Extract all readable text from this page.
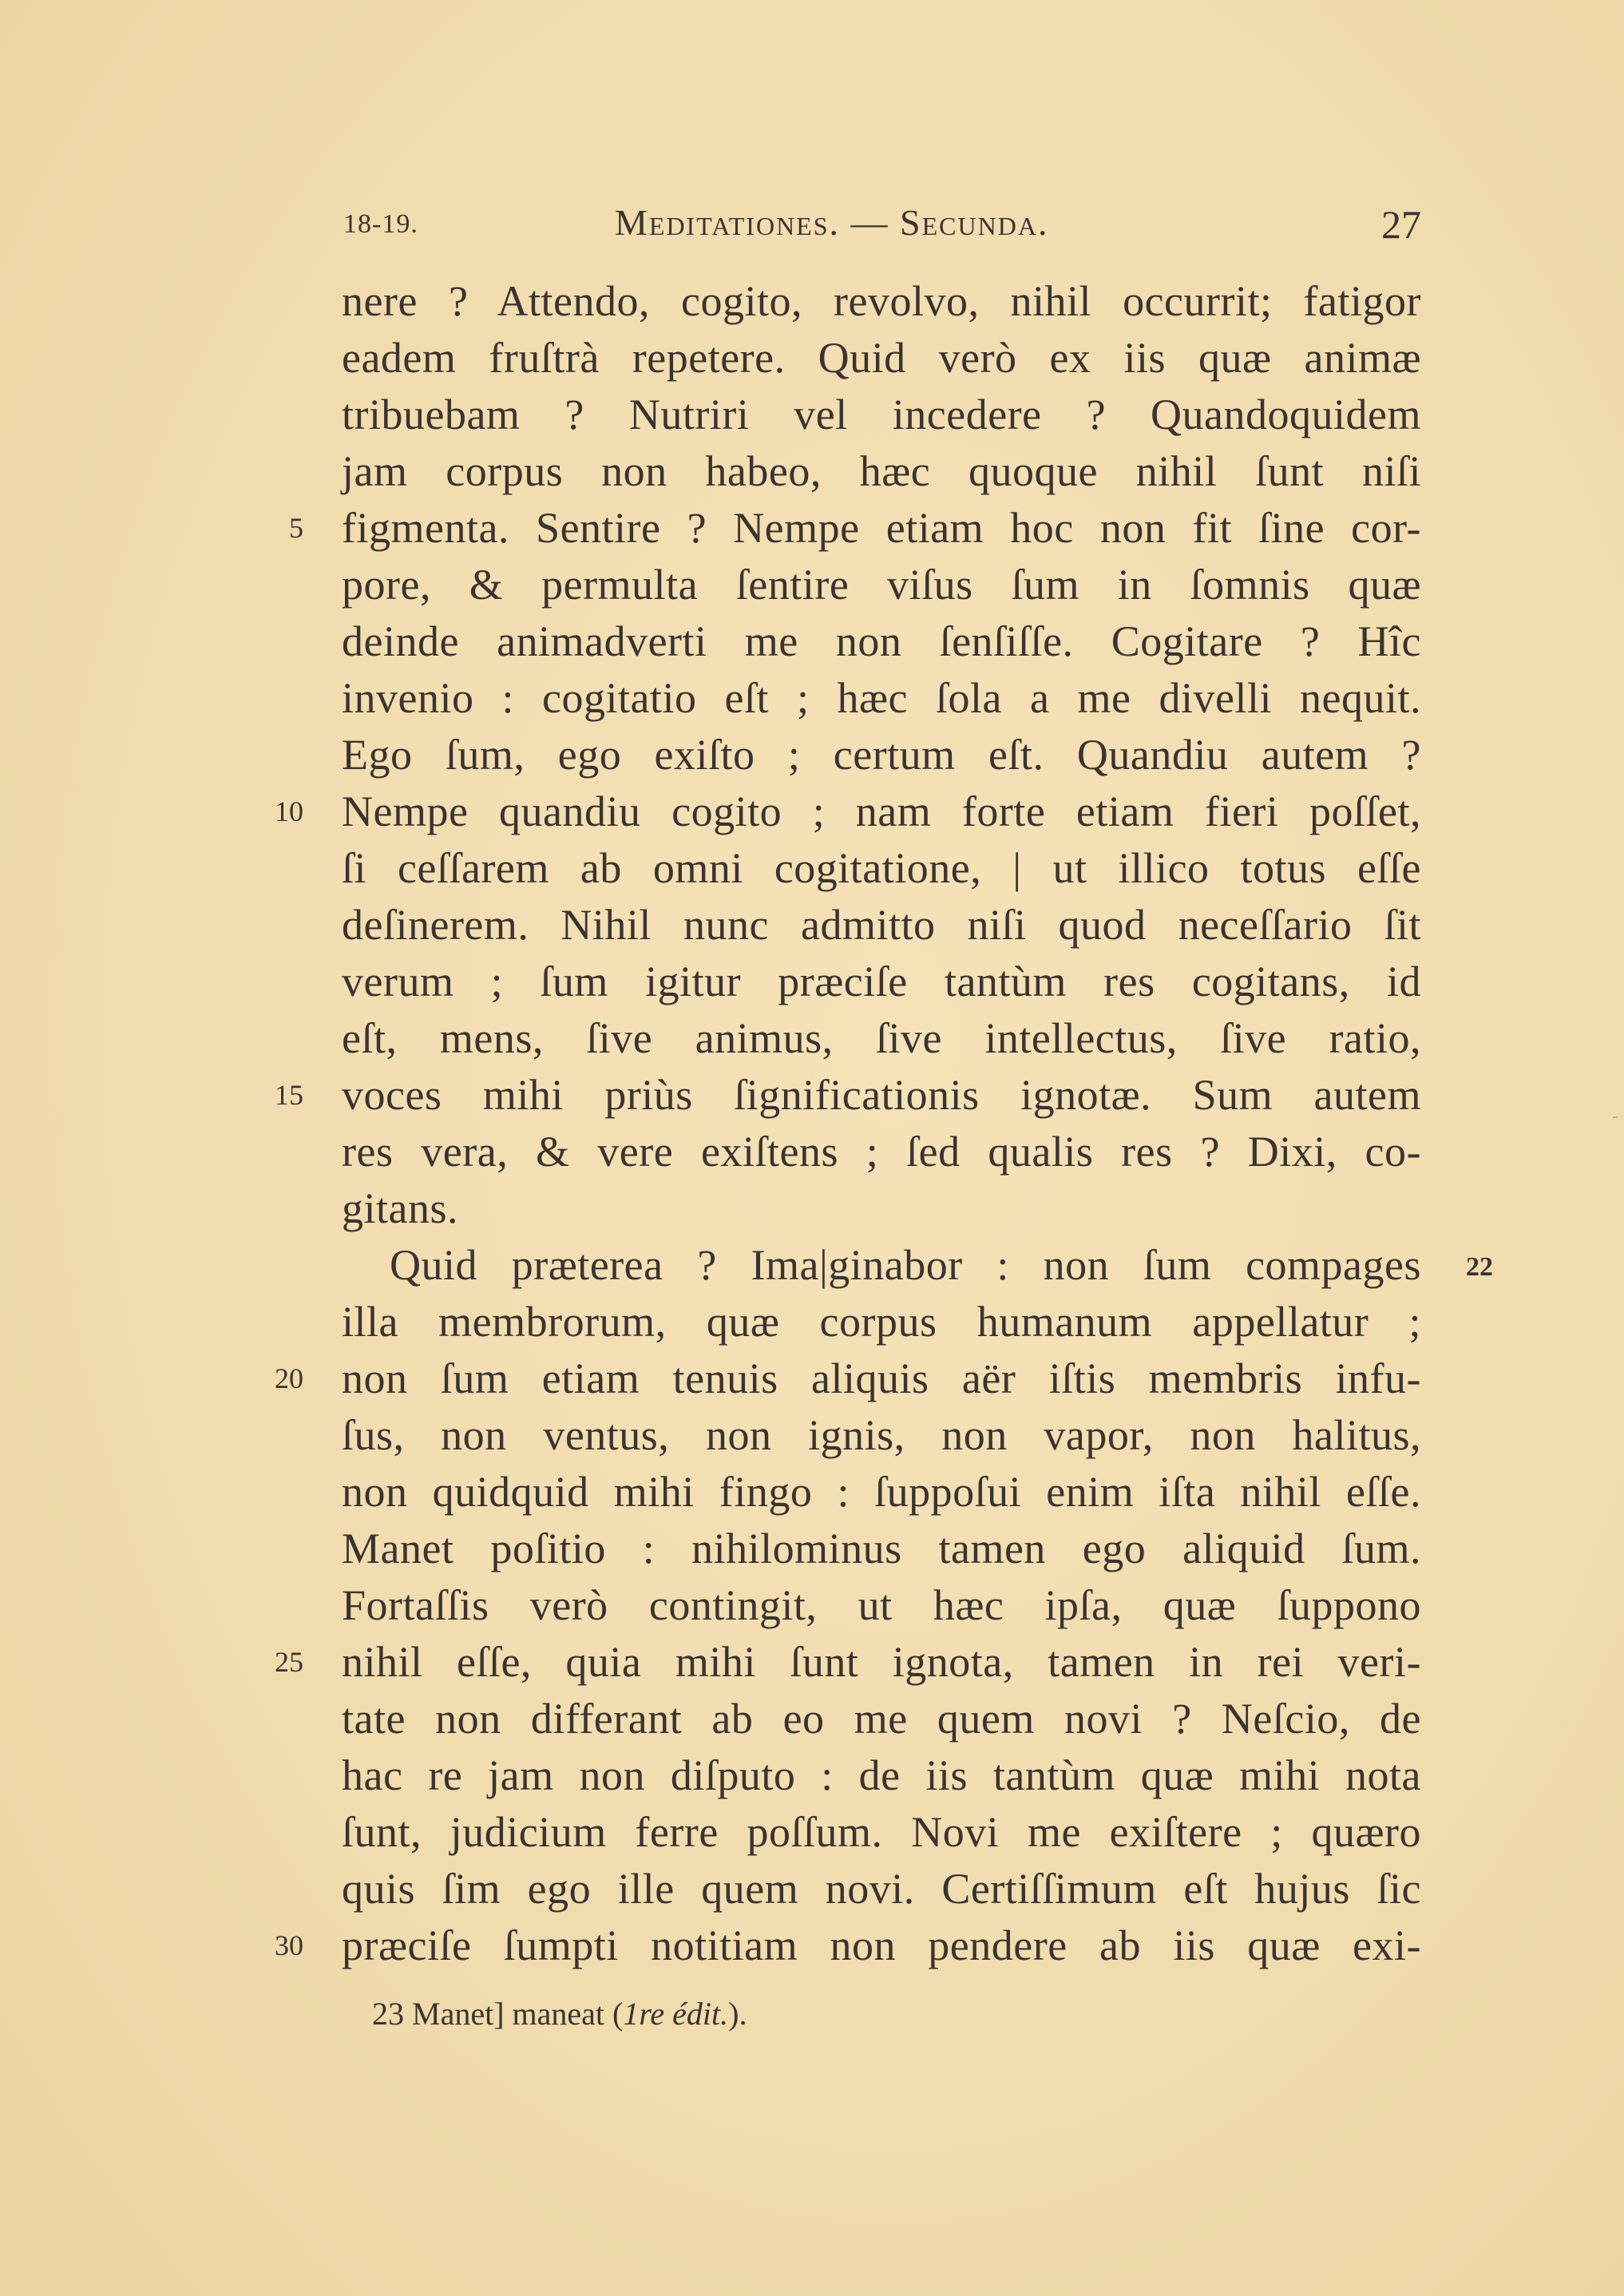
18-19.	Meditationes. — Secunda.	27
nere ? Attendo, cogito, revolvo, nihil occurrit; fatigor
eadem fruſtrà repetere. Quid verò ex iis quæ animæ
tribuebam ? Nutriri vel incedere ? Quandoquidem
jam corpus non habeo, hæc quoque nihil ſunt niſi
figmenta. Sentire ? Nempe etiam hoc non fit ſine cor-
pore, & permulta ſentire viſus ſum in ſomnis quæ
deinde animadverti me non ſenſiſſe. Cogitare ? Hîc
invenio : cogitatio eſt ; hæc ſola a me divelli nequit.
Ego ſum, ego exiſto ; certum eſt. Quandiu autem ?
Nempe quandiu cogito ; nam forte etiam fieri poſſet,
ſi ceſſarem ab omni cogitatione, | ut illico totus eſſe
deſinerem. Nihil nunc admitto niſi quod neceſſario ſit
verum ; ſum igitur præciſe tantùm res cogitans, id
eſt, mens, ſive animus, ſive intellectus, ſive ratio,
voces mihi priùs ſignificationis ignotæ. Sum autem
res vera, & vere exiſtens ; ſed qualis res ? Dixi, co-
gitans.
Quid præterea ? Ima|ginabor : non ſum compages
illa membrorum, quæ corpus humanum appellatur ;
non ſum etiam tenuis aliquis aër iſtis membris infu-
ſus, non ventus, non ignis, non vapor, non halitus,
non quidquid mihi fingo : ſuppoſui enim iſta nihil eſſe.
Manet poſitio : nihilominus tamen ego aliquid ſum.
Fortaſſis verò contingit, ut hæc ipſa, quæ ſuppono
nihil eſſe, quia mihi ſunt ignota, tamen in rei veri-
tate non differant ab eo me quem novi ? Neſcio, de
hac re jam non diſputo : de iis tantùm quæ mihi nota
ſunt, judicium ferre poſſum. Novi me exiſtere ; quæro
quis ſim ego ille quem novi. Certiſſimum eſt hujus ſic
præciſe ſumpti notitiam non pendere ab iis quæ exi-
5
10
15
20
25
30
22
23 Manet] maneat (1re édit.).
